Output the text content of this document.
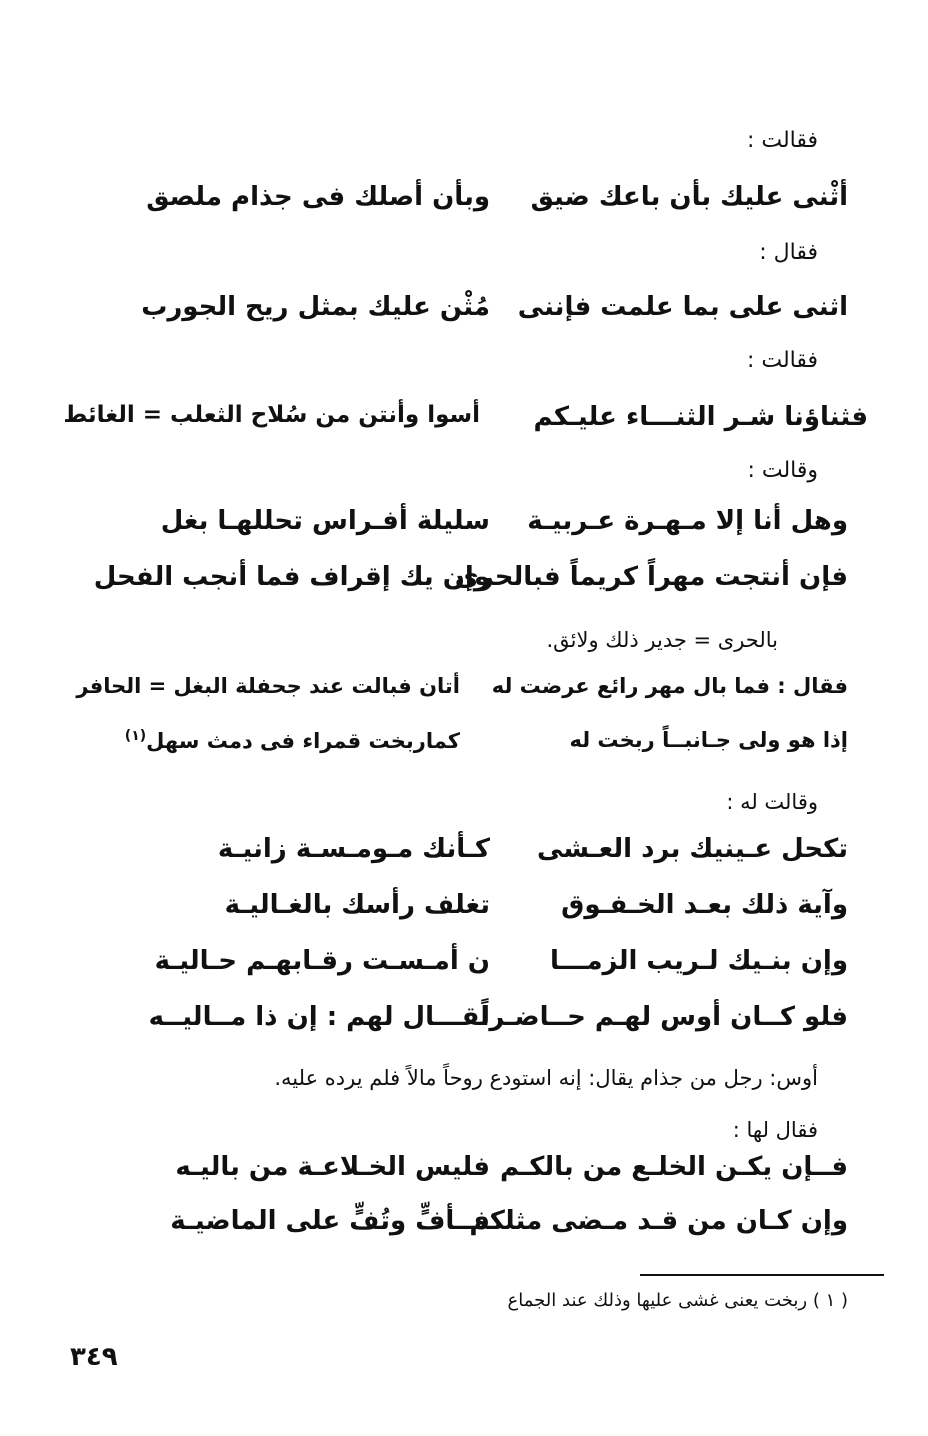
فقالت :
أثْنى عليك بأن باعك ضيق
وبأن أصلك فى جذام ملصق
فقال :
اثنى على بما علمت فإننى
مُثْن عليك بمثل ريح الجورب
فقالت :
فثناؤنا شـر الثنـــاء عليـكم
أسوا وأنتن من سُلاح الثعلب = الغائط
وقالت :
وهل أنا إلا مـهـرة عـربيـة
سليلة أفـراس تحللهـا بغل
فإن أنتجت مهراً كريماً فبالحرى
وإن يك إقراف فما أنجب الفحل
بالحرى = جدير ذلك ولائق.
فقال : فما بال مهر رائع عرضت له
أتان فبالت عند جحفلة البغل = الحافر
إذا هو ولى جـانبــاً ربخت له
كماربخت قمراء فى دمث سهل$^{(١)}$
وقالت له :
تكحل عـينيك برد العـشى
كـأنك مـومـسـة زانيـة
وآية ذلك بعـد الخـفـوق
تغلف رأسك بالغـاليـة
وإن بنـيك لـريب الزمـــا
ن أمـسـت رقـابهـم حـاليـة
فلو كــان أوس لهـم حــاضـراً
لقـــال لهم : إن ذا مــاليــه
أوس: رجل من جذام يقال: إنه استودع روحاً مالاً فلم يرده عليه.
فقال لها :
فــإن يكـن الخلـع من بالكـم
فليس الخـلاعـة من باليـه
وإن كـان من قـد مـضى مثلكم
فــأفٍّ وتُفٍّ على الماضيـة
( ١ ) ربخت يعنى غشى عليها وذلك عند الجماع
٣٤٩
